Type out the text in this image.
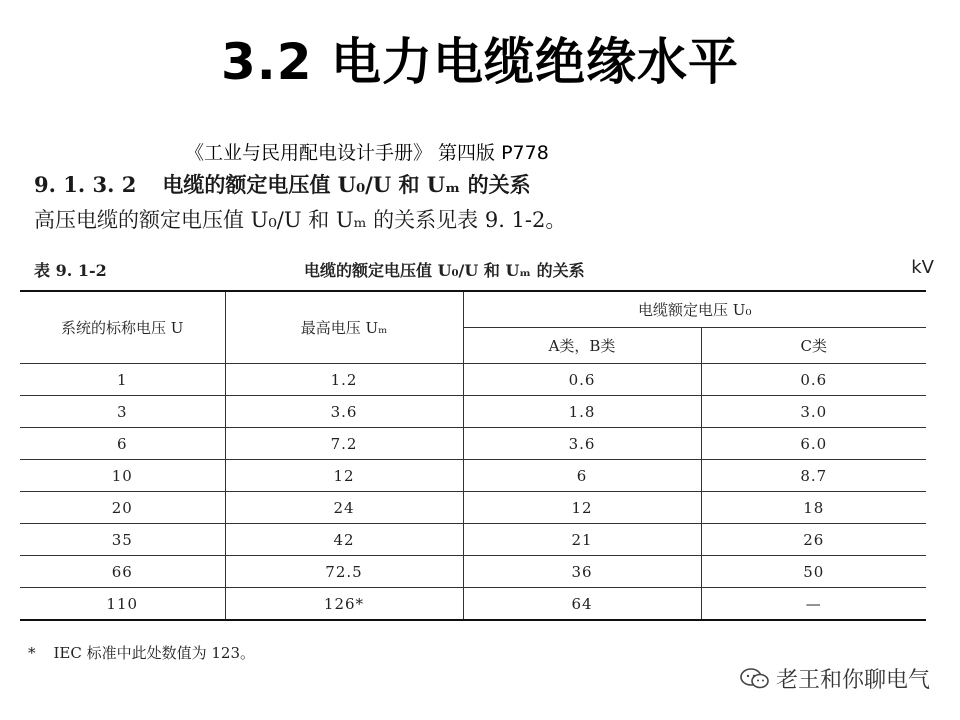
3.2 电力电缆绝缘水平
《工业与民用配电设计手册》 第四版 P778
9. 1. 3. 2 电缆的额定电压值 U₀/U 和 Uₘ 的关系
高压电缆的额定电压值 U₀/U 和 Uₘ 的关系见表 9. 1-2。
表 9. 1-2	电缆的额定电压值 U₀/U 和 Uₘ 的关系	kV
系统的标称电压 U	最高电压 Uₘ	电缆额定电压 U₀	
		A类，B类	C类
1	1.2	0.6	0.6
3	3.6	1.8	3.0
6	7.2	3.6	6.0
10	12	6	8.7
20	24	12	18
35	42	21	26
66	72.5	36	50
110	126*	64	—
* IEC 标准中此处数值为 123。
老王和你聊电气
